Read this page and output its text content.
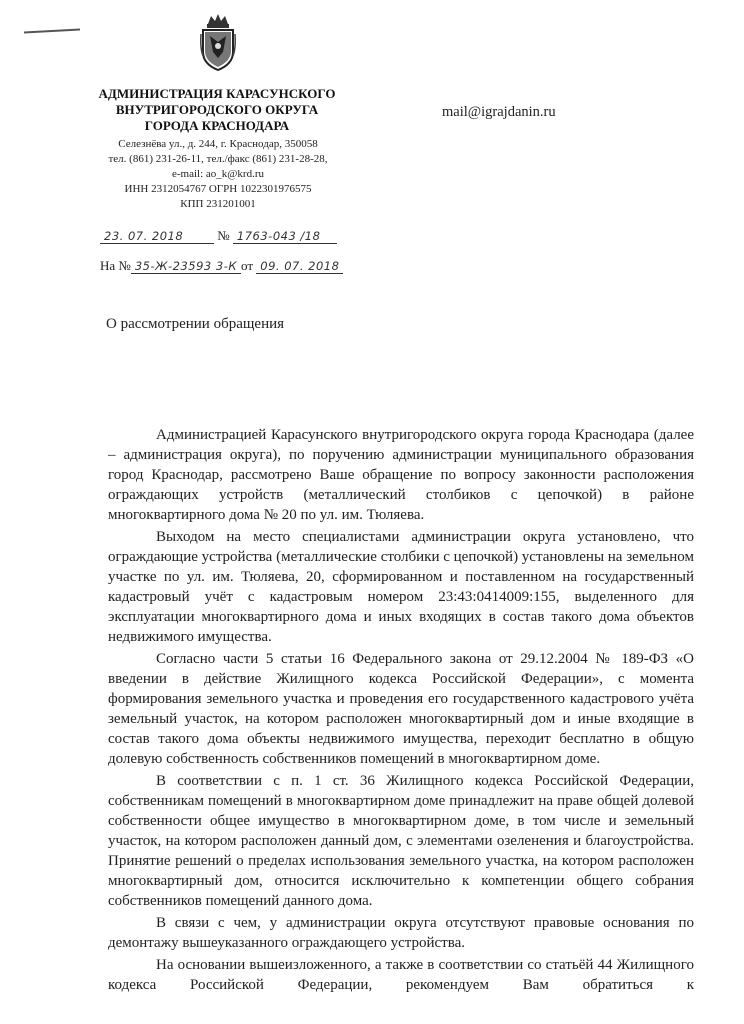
АДМИНИСТРАЦИЯ КАРАСУНСКОГО
ВНУТРИГОРОДСКОГО ОКРУГА
ГОРОДА КРАСНОДАРА
Селезнёва ул., д. 244, г. Краснодар, 350058
тел. (861) 231-26-11, тел./факс (861) 231-28-28,
e-mail: ao_k@krd.ru
ИНН 2312054767 ОГРН 1022301976575
КПП 231201001
mail@igrajdanin.ru
23. 07. 2018	№ 1763-043 /18
На № 35-Ж-23593 3-К от 09. 07. 2018
О рассмотрении обращения

Администрацией Карасунского внутригородского округа города Краснодара (далее – администрация округа), по поручению администрации муниципального образования город Краснодар, рассмотрено Ваше обращение по вопросу законности расположения ограждающих устройств (металлический столбиков с цепочкой) в районе многоквартирного дома № 20 по ул. им. Тюляева.

Выходом на место специалистами администрации округа установлено, что ограждающие устройства (металлические столбики с цепочкой) установлены на земельном участке по ул. им. Тюляева, 20, сформированном и поставленном на государственный кадастровый учёт с кадастровым номером 23:43:0414009:155, выделенного для эксплуатации многоквартирного дома и иных входящих в состав такого дома объектов недвижимого имущества.

Согласно части 5 статьи 16 Федерального закона от 29.12.2004 № 189-ФЗ «О введении в действие Жилищного кодекса Российской Федерации», с момента формирования земельного участка и проведения его государственного кадастрового учёта земельный участок, на котором расположен многоквартирный дом и иные входящие в состав такого дома объекты недвижимого имущества, переходит бесплатно в общую долевую собственность собственников помещений в многоквартирном доме.

В соответствии с п. 1 ст. 36 Жилищного кодекса Российской Федерации, собственникам помещений в многоквартирном доме принадлежит на праве общей долевой собственности общее имущество в многоквартирном доме, в том числе и земельный участок, на котором расположен данный дом, с элементами озеленения и благоустройства. Принятие решений о пределах использования земельного участка, на котором расположен многоквартирный дом, относится исключительно к компетенции общего собрания собственников помещений данного дома.

В связи с чем, у администрации округа отсутствуют правовые основания по демонтажу вышеуказанного ограждающего устройства.

На основании вышеизложенного, а также в соответствии со статьёй 44 Жилищного кодекса Российской Федерации, рекомендуем Вам обратиться к
